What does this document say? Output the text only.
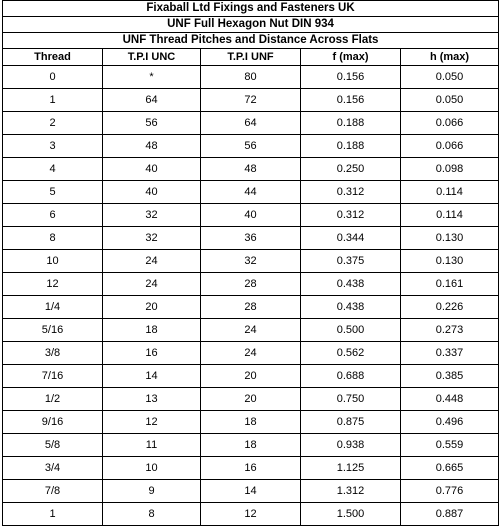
Fixaball Ltd Fixings and Fasteners UK				
UNF Full Hexagon Nut DIN 934				
UNF Thread Pitches and Distance Across Flats				
Thread	T.P.I UNC	T.P.I UNF	f (max)	h (max)
0	*	80	0.156	0.050
1	64	72	0.156	0.050
2	56	64	0.188	0.066
3	48	56	0.188	0.066
4	40	48	0.250	0.098
5	40	44	0.312	0.114
6	32	40	0.312	0.114
8	32	36	0.344	0.130
10	24	32	0.375	0.130
12	24	28	0.438	0.161
1/4	20	28	0.438	0.226
5/16	18	24	0.500	0.273
3/8	16	24	0.562	0.337
7/16	14	20	0.688	0.385
1/2	13	20	0.750	0.448
9/16	12	18	0.875	0.496
5/8	11	18	0.938	0.559
3/4	10	16	1.125	0.665
7/8	9	14	1.312	0.776
1	8	12	1.500	0.887
